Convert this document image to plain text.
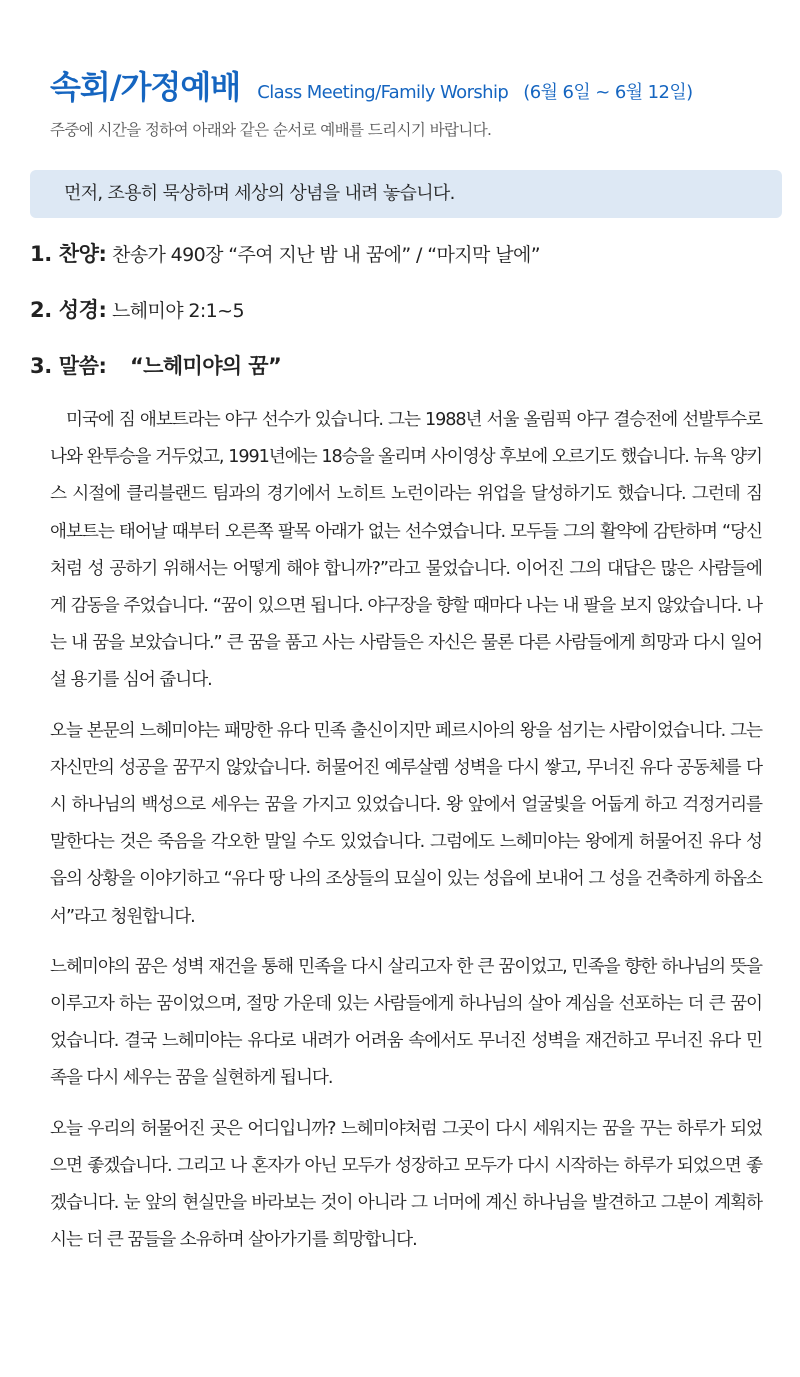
속회/가정예배 Class Meeting/Family Worship (6월 6일 ~ 6월 12일)
주중에 시간을 정하여 아래와 같은 순서로 예배를 드리시기 바랍니다.
먼저, 조용히 묵상하며 세상의 상념을 내려 놓습니다.
1. 찬양: 찬송가 490장 “주여 지난 밤 내 꿈에” / “마지막 날에”
2. 성경: 느헤미야 2:1~5
3. 말씀: “느헤미야의 꿈”

미국에 짐 애보트라는 야구 선수가 있습니다. 그는 1988년 서울 올림픽 야구 결승전에 선발투수로 나와 완투승을 거두었고, 1991년에는 18승을 올리며 사이영상 후보에 오르기도 했습니다. 뉴욕 양키스 시절에 클리블랜드 팀과의 경기에서 노히트 노런이라는 위업을 달성하기도 했습니다. 그런데 짐 애보트는 태어날 때부터 오른쪽 팔목 아래가 없는 선수였습니다. 모두들 그의 활약에 감탄하며 “당신처럼 성 공하기 위해서는 어떻게 해야 합니까?”라고 물었습니다. 이어진 그의 대답은 많은 사람들에게 감동을 주었습니다. “꿈이 있으면 됩니다. 야구장을 향할 때마다 나는 내 팔을 보지 않았습니다. 나는 내 꿈을 보았습니다.” 큰 꿈을 품고 사는 사람들은 자신은 물론 다른 사람들에게 희망과 다시 일어설 용기를 심어 줍니다.

오늘 본문의 느헤미야는 패망한 유다 민족 출신이지만 페르시아의 왕을 섬기는 사람이었습니다. 그는 자신만의 성공을 꿈꾸지 않았습니다. 허물어진 예루살렘 성벽을 다시 쌓고, 무너진 유다 공동체를 다시 하나님의 백성으로 세우는 꿈을 가지고 있었습니다. 왕 앞에서 얼굴빛을 어둡게 하고 걱정거리를 말한다는 것은 죽음을 각오한 말일 수도 있었습니다. 그럼에도 느헤미야는 왕에게 허물어진 유다 성읍의 상황을 이야기하고 “유다 땅 나의 조상들의 묘실이 있는 성읍에 보내어 그 성을 건축하게 하옵소서”라고 청원합니다.

느헤미야의 꿈은 성벽 재건을 통해 민족을 다시 살리고자 한 큰 꿈이었고, 민족을 향한 하나님의 뜻을 이루고자 하는 꿈이었으며, 절망 가운데 있는 사람들에게 하나님의 살아 계심을 선포하는 더 큰 꿈이었습니다. 결국 느헤미야는 유다로 내려가 어려움 속에서도 무너진 성벽을 재건하고 무너진 유다 민족을 다시 세우는 꿈을 실현하게 됩니다.

오늘 우리의 허물어진 곳은 어디입니까? 느헤미야처럼 그곳이 다시 세워지는 꿈을 꾸는 하루가 되었으면 좋겠습니다. 그리고 나 혼자가 아닌 모두가 성장하고 모두가 다시 시작하는 하루가 되었으면 좋겠습니다. 눈 앞의 현실만을 바라보는 것이 아니라 그 너머에 계신 하나님을 발견하고 그분이 계획하시는 더 큰 꿈들을 소유하며 살아가기를 희망합니다.
